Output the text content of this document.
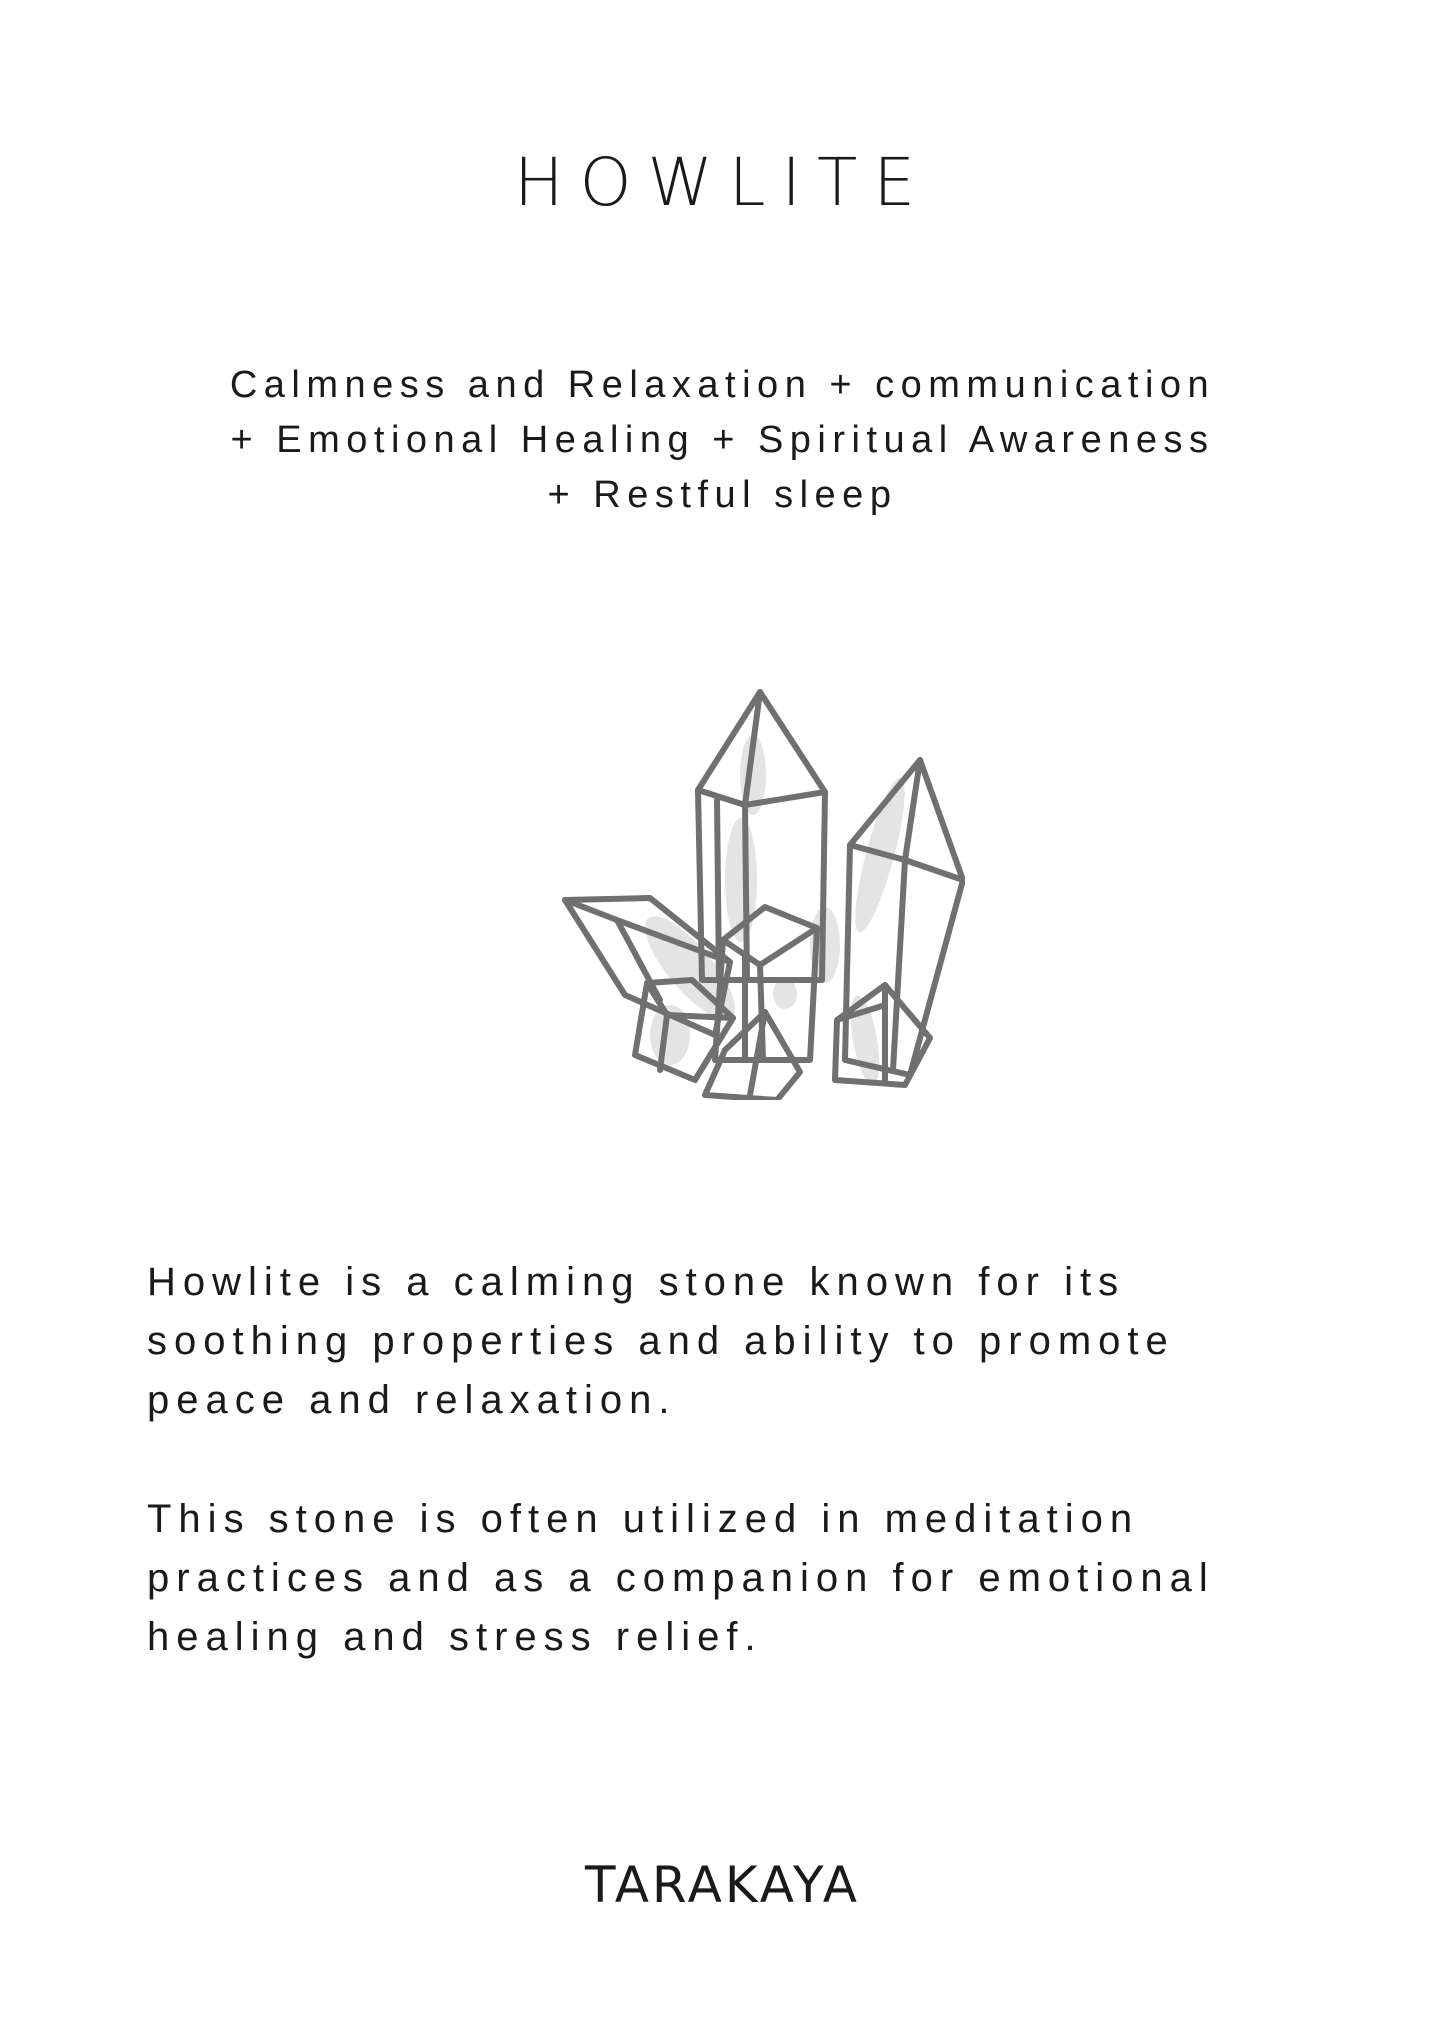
HOWLITE
Calmness and Relaxation + communication
+ Emotional Healing + Spiritual Awareness
+ Restful sleep
Howlite is a calming stone known for its
soothing properties and ability to promote
peace and relaxation.
This stone is often utilized in meditation
practices and as a companion for emotional
healing and stress relief.
TARAKAYA
